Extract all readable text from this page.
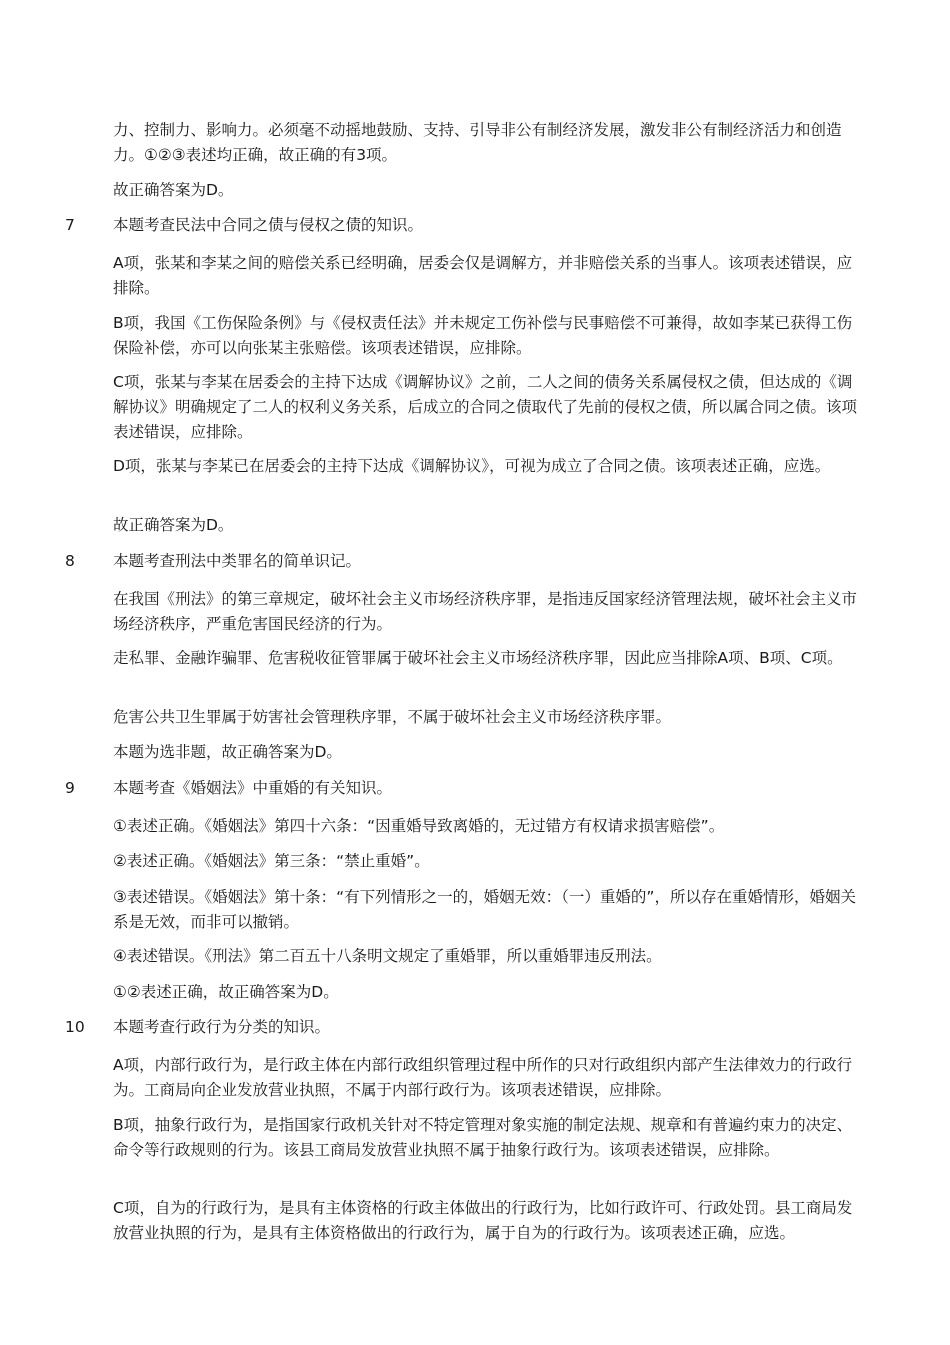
力、控制力、影响力。必须毫不动摇地鼓励、支持、引导非公有制经济发展，激发非公有制经济活力和创造力。①②③表述均正确，故正确的有3项。

故正确答案为D。

7 本题考查民法中合同之债与侵权之债的知识。

A项，张某和李某之间的赔偿关系已经明确，居委会仅是调解方，并非赔偿关系的当事人。该项表述错误，应排除。

B项，我国《工伤保险条例》与《侵权责任法》并未规定工伤补偿与民事赔偿不可兼得，故如李某已获得工伤保险补偿，亦可以向张某主张赔偿。该项表述错误，应排除。

C项，张某与李某在居委会的主持下达成《调解协议》之前，二人之间的债务关系属侵权之债，但达成的《调解协议》明确规定了二人的权利义务关系，后成立的合同之债取代了先前的侵权之债，所以属合同之债。该项表述错误，应排除。

D项，张某与李某已在居委会的主持下达成《调解协议》，可视为成立了合同之债。该项表述正确，应选。

故正确答案为D。

8 本题考查刑法中类罪名的简单识记。

在我国《刑法》的第三章规定，破坏社会主义市场经济秩序罪，是指违反国家经济管理法规，破坏社会主义市场经济秩序，严重危害国民经济的行为。

走私罪、金融诈骗罪、危害税收征管罪属于破坏社会主义市场经济秩序罪，因此应当排除A项、B项、C项。

危害公共卫生罪属于妨害社会管理秩序罪，不属于破坏社会主义市场经济秩序罪。

本题为选非题，故正确答案为D。

9 本题考查《婚姻法》中重婚的有关知识。

①表述正确。《婚姻法》第四十六条：“因重婚导致离婚的，无过错方有权请求损害赔偿”。

②表述正确。《婚姻法》第三条：“禁止重婚”。

③表述错误。《婚姻法》第十条：“有下列情形之一的，婚姻无效：（一）重婚的”，所以存在重婚情形，婚姻关系是无效，而非可以撤销。

④表述错误。《刑法》第二百五十八条明文规定了重婚罪，所以重婚罪违反刑法。

①②表述正确，故正确答案为D。

10 本题考查行政行为分类的知识。

A项，内部行政行为，是行政主体在内部行政组织管理过程中所作的只对行政组织内部产生法律效力的行政行为。工商局向企业发放营业执照，不属于内部行政行为。该项表述错误，应排除。

B项，抽象行政行为，是指国家行政机关针对不特定管理对象实施的制定法规、规章和有普遍约束力的决定、命令等行政规则的行为。该县工商局发放营业执照不属于抽象行政行为。该项表述错误，应排除。

C项，自为的行政行为，是具有主体资格的行政主体做出的行政行为，比如行政许可、行政处罚。县工商局发放营业执照的行为，是具有主体资格做出的行政行为，属于自为的行政行为。该项表述正确，应选。
